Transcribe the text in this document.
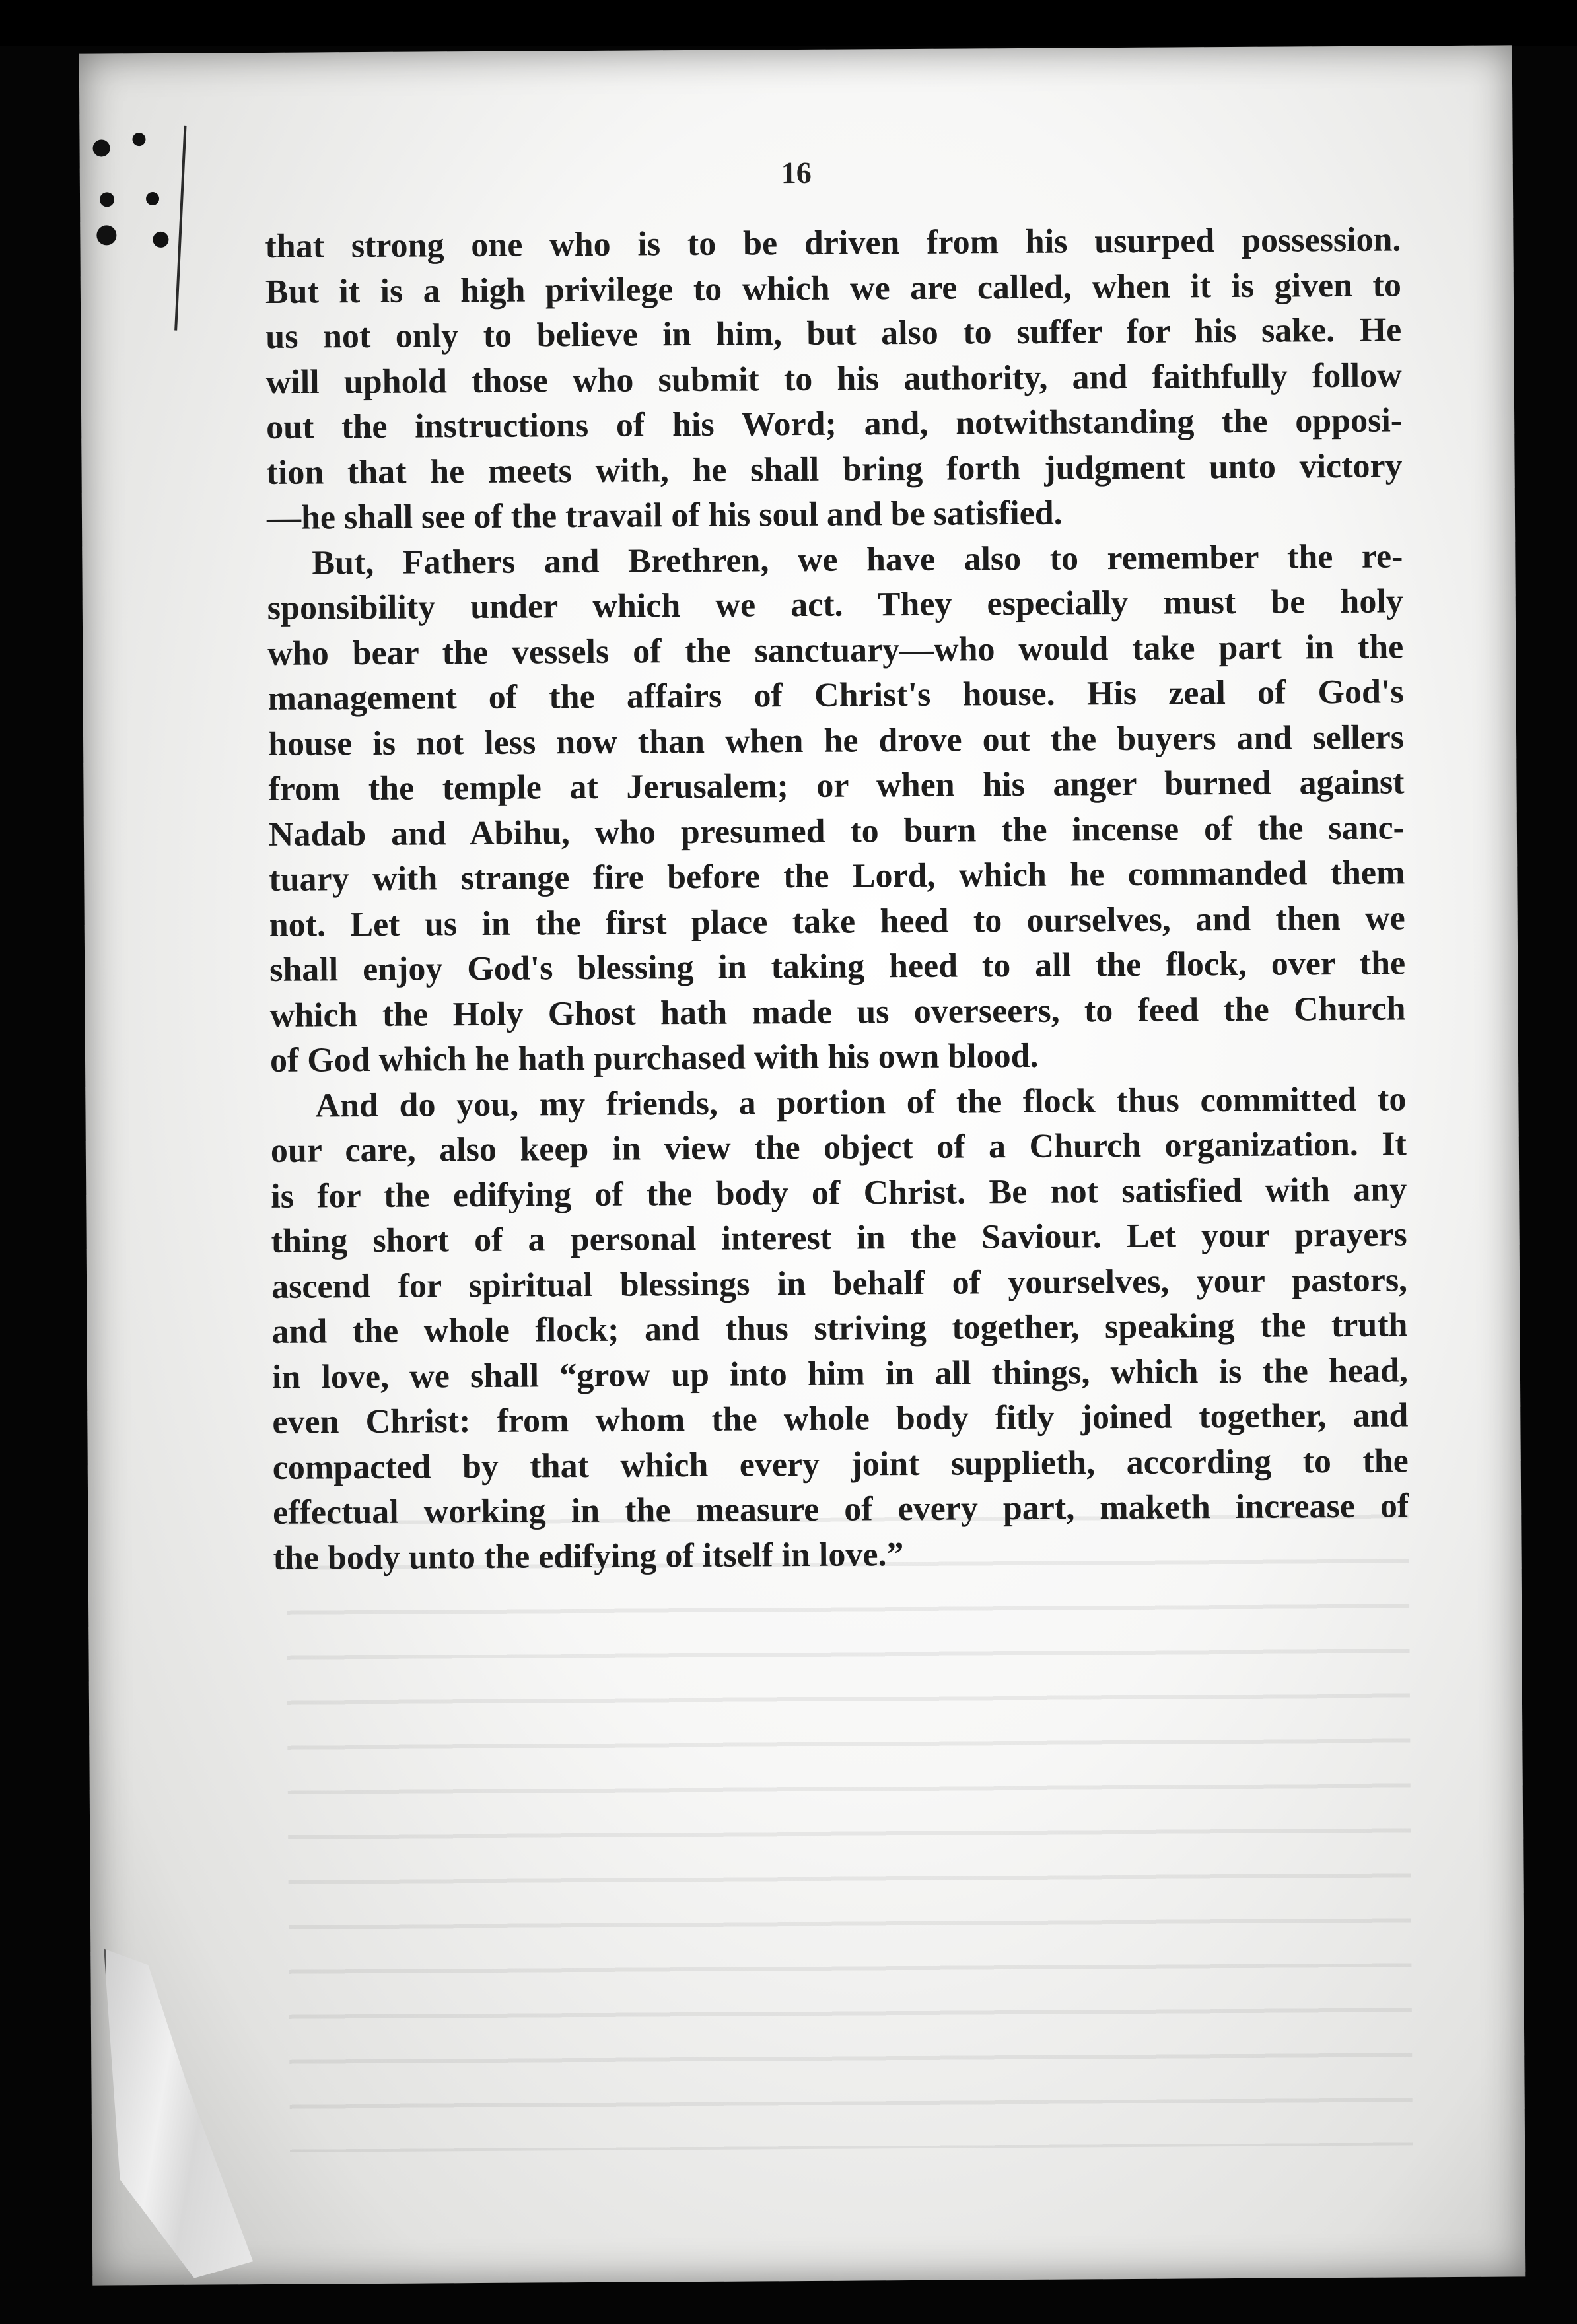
16

that strong one who is to be driven from his usurped possession.
But it is a high privilege to which we are called, when it is given to
us not only to believe in him, but also to suffer for his sake. He
will uphold those who submit to his authority, and faithfully follow
out the instructions of his Word; and, notwithstanding the opposi-
tion that he meets with, he shall bring forth judgment unto victory
—he shall see of the travail of his soul and be satisfied.

But, Fathers and Brethren, we have also to remember the re-
sponsibility under which we act. They especially must be holy
who bear the vessels of the sanctuary—who would take part in the
management of the affairs of Christ's house. His zeal of God's
house is not less now than when he drove out the buyers and sellers
from the temple at Jerusalem; or when his anger burned against
Nadab and Abihu, who presumed to burn the incense of the sanc-
tuary with strange fire before the Lord, which he commanded them
not. Let us in the first place take heed to ourselves, and then we
shall enjoy God's blessing in taking heed to all the flock, over the
which the Holy Ghost hath made us overseers, to feed the Church
of God which he hath purchased with his own blood.

And do you, my friends, a portion of the flock thus committed to
our care, also keep in view the object of a Church organization. It
is for the edifying of the body of Christ. Be not satisfied with any
thing short of a personal interest in the Saviour. Let your prayers
ascend for spiritual blessings in behalf of yourselves, your pastors,
and the whole flock; and thus striving together, speaking the truth
in love, we shall “grow up into him in all things, which is the head,
even Christ: from whom the whole body fitly joined together, and
compacted by that which every joint supplieth, according to the
effectual working in the measure of every part, maketh increase of
the body unto the edifying of itself in love.”
